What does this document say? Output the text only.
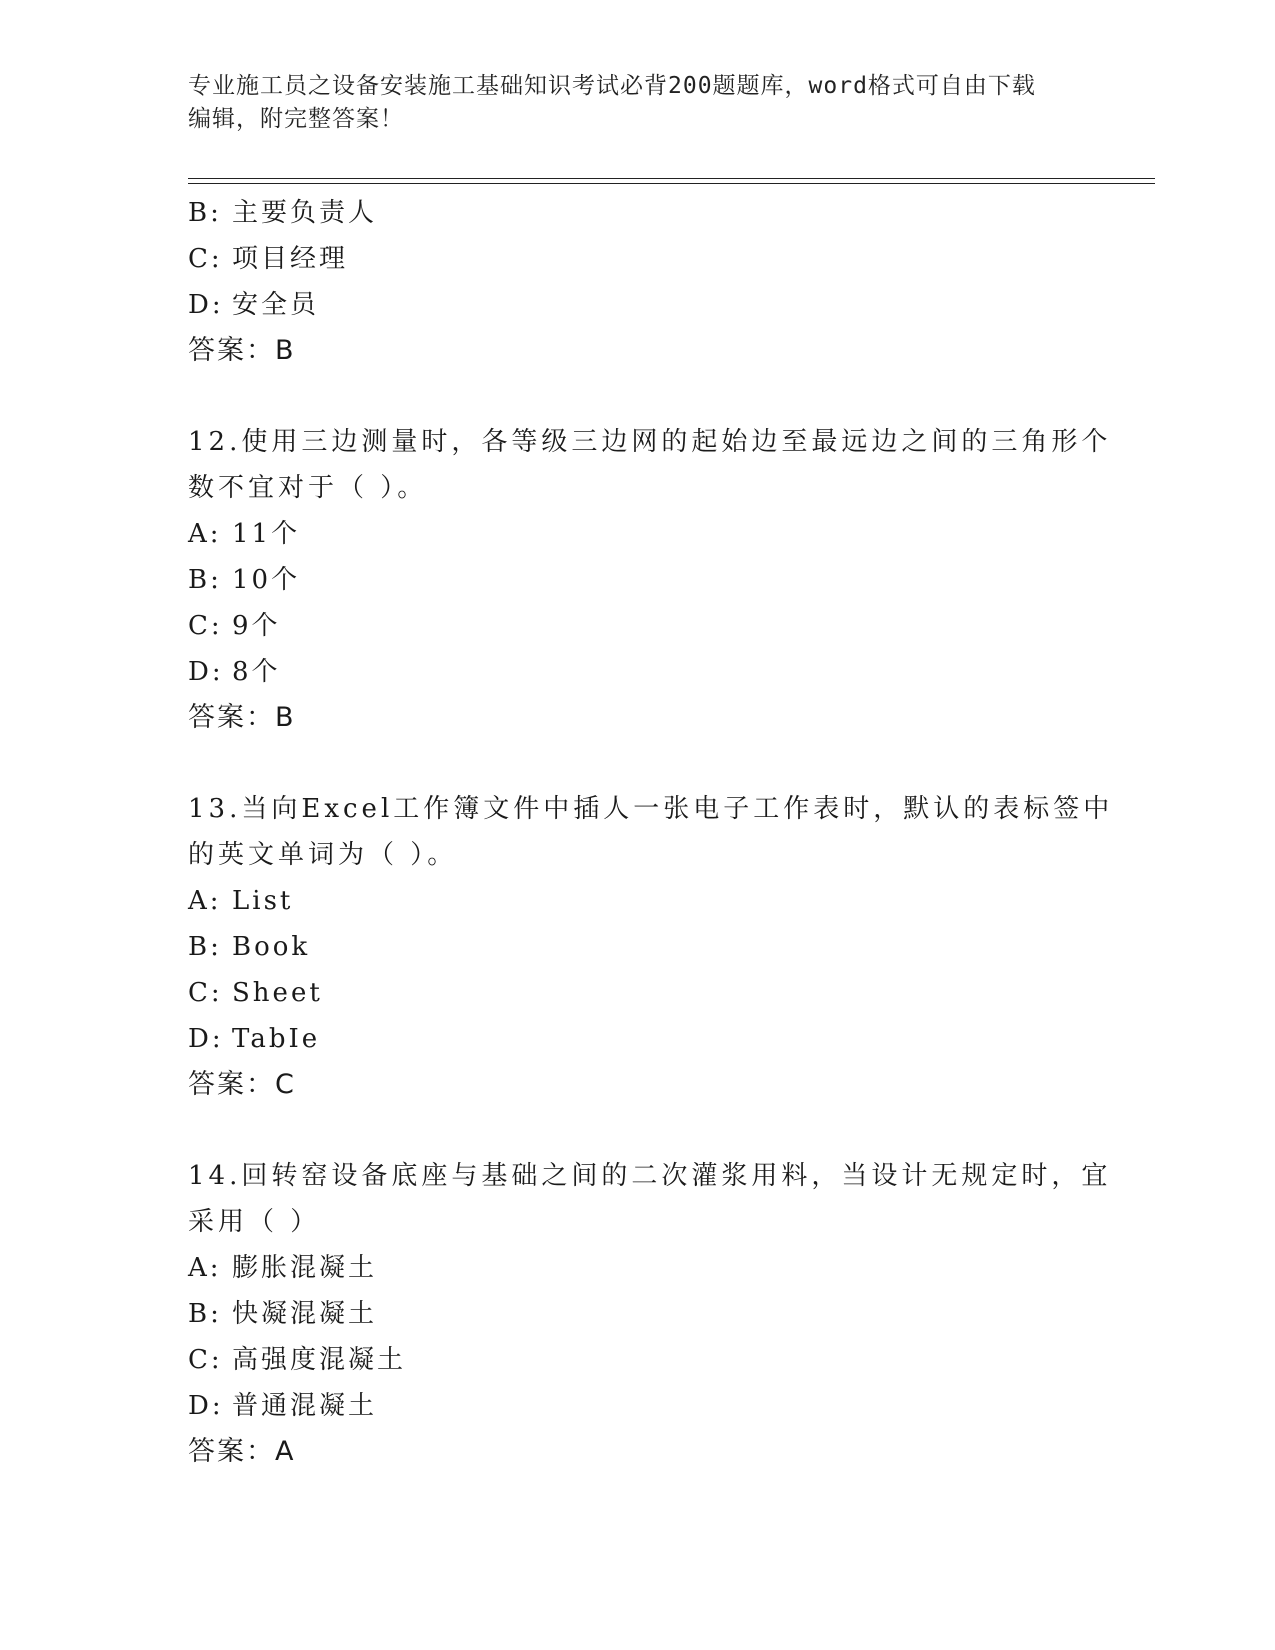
专业施工员之设备安装施工基础知识考试必背200题题库，word格式可自由下载
编辑，附完整答案！
B: 主要负责人
C: 项目经理
D: 安全员
答案：B
12.使用三边测量时，各等级三边网的起始边至最远边之间的三角形个
数不宜对于（ ）。
A: 11个
B: 10个
C: 9个
D: 8个
答案：B
13.当向Excel工作簿文件中插人一张电子工作表时，默认的表标签中
的英文单词为（ ）。
A: List
B: Book
C: Sheet
D: TabIe
答案：C
14.回转窑设备底座与基础之间的二次灌浆用料，当设计无规定时，宜
采用（ ）
A: 膨胀混凝土
B: 快凝混凝土
C: 高强度混凝土
D: 普通混凝土
答案：A
